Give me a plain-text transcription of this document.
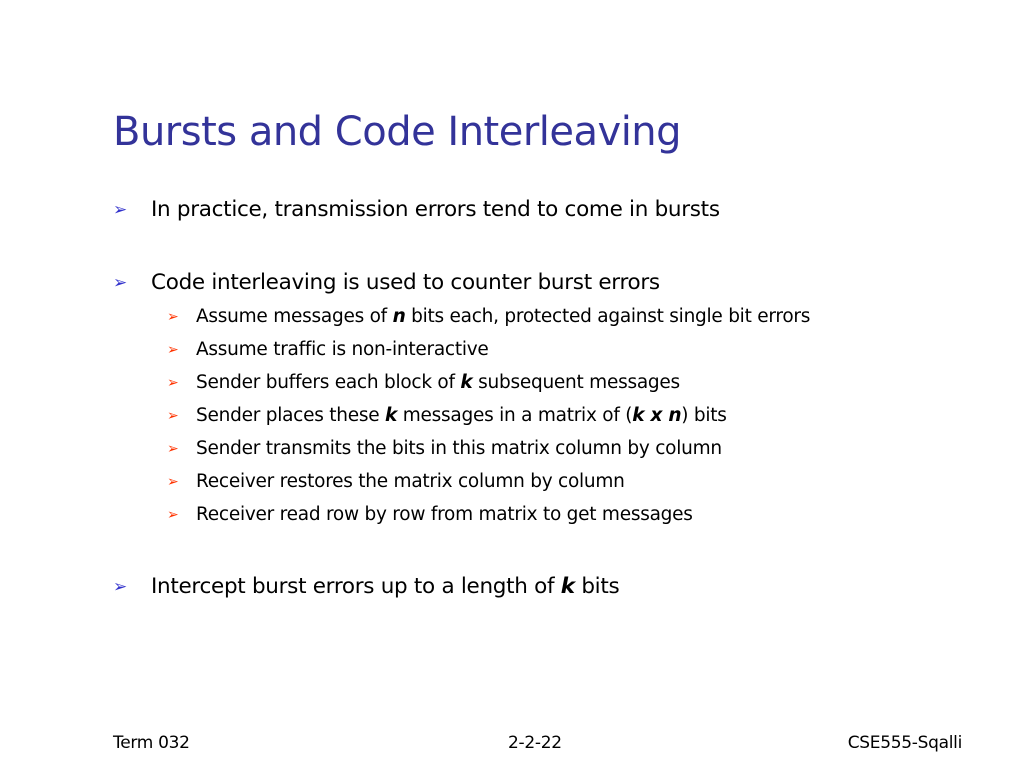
Bursts and Code Interleaving
➢ In practice, transmission errors tend to come in bursts
➢ Code interleaving is used to counter burst errors
➢ Assume messages of n bits each, protected against single bit errors
➢ Assume traffic is non-interactive
➢ Sender buffers each block of k subsequent messages
➢ Sender places these k messages in a matrix of (k x n) bits
➢ Sender transmits the bits in this matrix column by column
➢ Receiver restores the matrix column by column
➢ Receiver read row by row from matrix to get messages
➢ Intercept burst errors up to a length of k bits
Term 032	2-2-22	CSE555-Sqalli
